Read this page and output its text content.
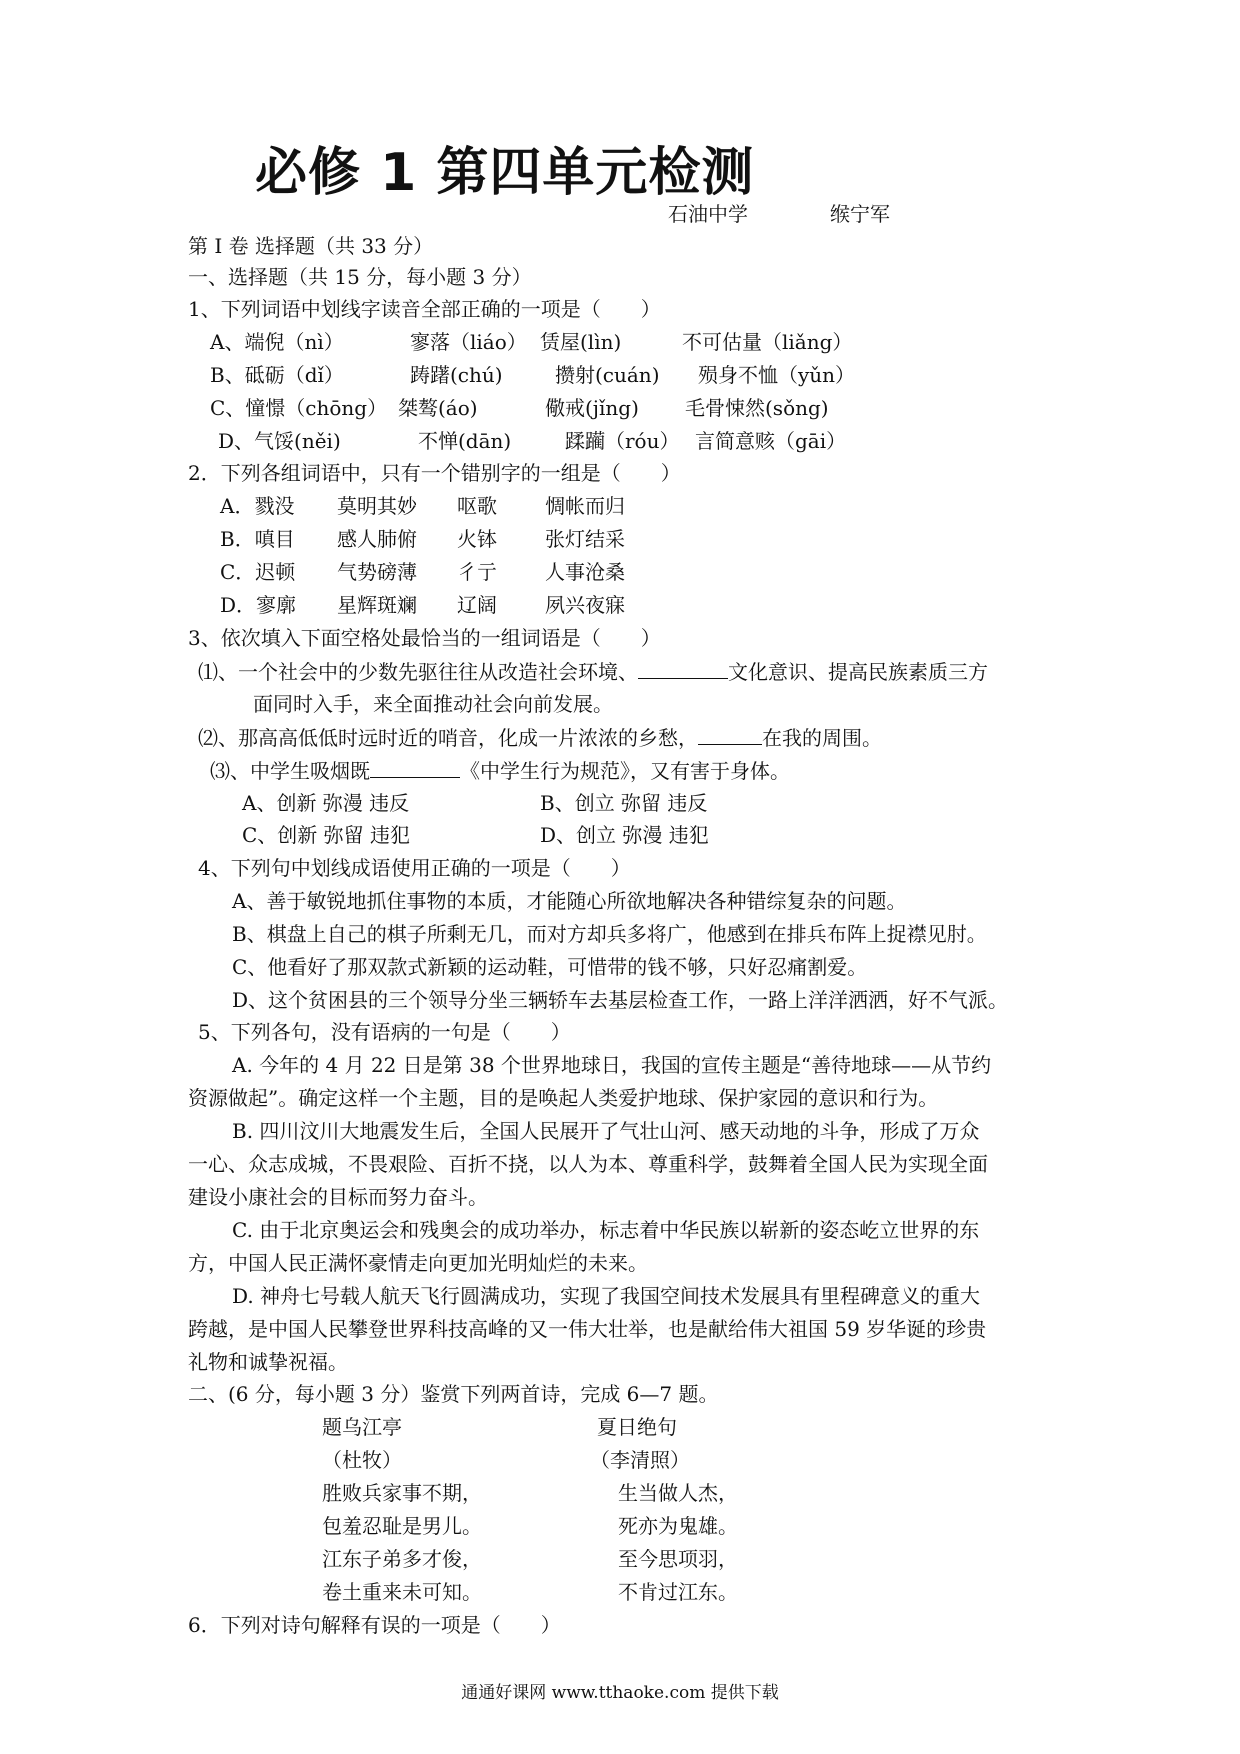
必修 1 第四单元检测
石油中学	缑宁军
第 I 卷 选择题（共 33 分）
一、选择题（共 15 分，每小题 3 分）
1、下列词语中划线字读音全部正确的一项是（　　）
A、端倪（nì）	寥落（liáo） 赁屋(lìn)	不可估量（liǎng）
B、砥砺（dǐ）	踌躇(chú)	攒射(cuán) 殒身不恤（yǔn）
C、憧憬（chōng） 桀骜(áo)	儆戒(jǐng) 毛骨悚然(sǒng)
D、气馁(něi)	不惮(dān)	蹂躏（róu） 言简意赅（gāi）
2．下列各组词语中，只有一个错别字的一组是（　　）
A．戮没 莫明其妙 呕歌 惆帐而归
B．嗔目 感人肺俯 火钵 张灯结采
C．迟顿 气势磅薄 彳亍 人事沧桑
D．寥廓 星辉斑斓 辽阔 夙兴夜寐
3、依次填入下面空格处最恰当的一组词语是（　　）
⑴、一个社会中的少数先驱往往从改造社会环境、	文化意识、提高民族素质三方
面同时入手，来全面推动社会向前发展。
⑵、那高高低低时远时近的哨音，化成一片浓浓的乡愁，	在我的周围。
⑶、中学生吸烟既	《中学生行为规范》，又有害于身体。
A、创新 弥漫 违反	B、创立 弥留 违反
C、创新 弥留 违犯	D、创立 弥漫 违犯
4、下列句中划线成语使用正确的一项是（　　）
A、善于敏锐地抓住事物的本质，才能随心所欲地解决各种错综复杂的问题。
B、棋盘上自己的棋子所剩无几，而对方却兵多将广，他感到在排兵布阵上捉襟见肘。
C、他看好了那双款式新颖的运动鞋，可惜带的钱不够，只好忍痛割爱。
D、这个贫困县的三个领导分坐三辆轿车去基层检查工作，一路上洋洋洒洒，好不气派。
5、下列各句，没有语病的一句是（　　）
A. 今年的 4 月 22 日是第 38 个世界地球日，我国的宣传主题是“善待地球——从节约
资源做起”。确定这样一个主题，目的是唤起人类爱护地球、保护家园的意识和行为。
B. 四川汶川大地震发生后，全国人民展开了气壮山河、感天动地的斗争，形成了万众
一心、众志成城，不畏艰险、百折不挠，以人为本、尊重科学，鼓舞着全国人民为实现全面
建设小康社会的目标而努力奋斗。
C. 由于北京奥运会和残奥会的成功举办，标志着中华民族以崭新的姿态屹立世界的东
方，中国人民正满怀豪情走向更加光明灿烂的未来。
D. 神舟七号载人航天飞行圆满成功，实现了我国空间技术发展具有里程碑意义的重大
跨越，是中国人民攀登世界科技高峰的又一伟大壮举，也是献给伟大祖国 59 岁华诞的珍贵
礼物和诚挚祝福。
二、(6 分，每小题 3 分）鉴赏下列两首诗，完成 6—7 题。
题乌江亭
（杜牧）
胜败兵家事不期，
包羞忍耻是男儿。
江东子弟多才俊，
卷土重来未可知。
夏日绝句
（李清照）
生当做人杰，
死亦为鬼雄。
至今思项羽，
不肯过江东。
6．下列对诗句解释有误的一项是（　　）
通通好课网 www.tthaoke.com 提供下载
